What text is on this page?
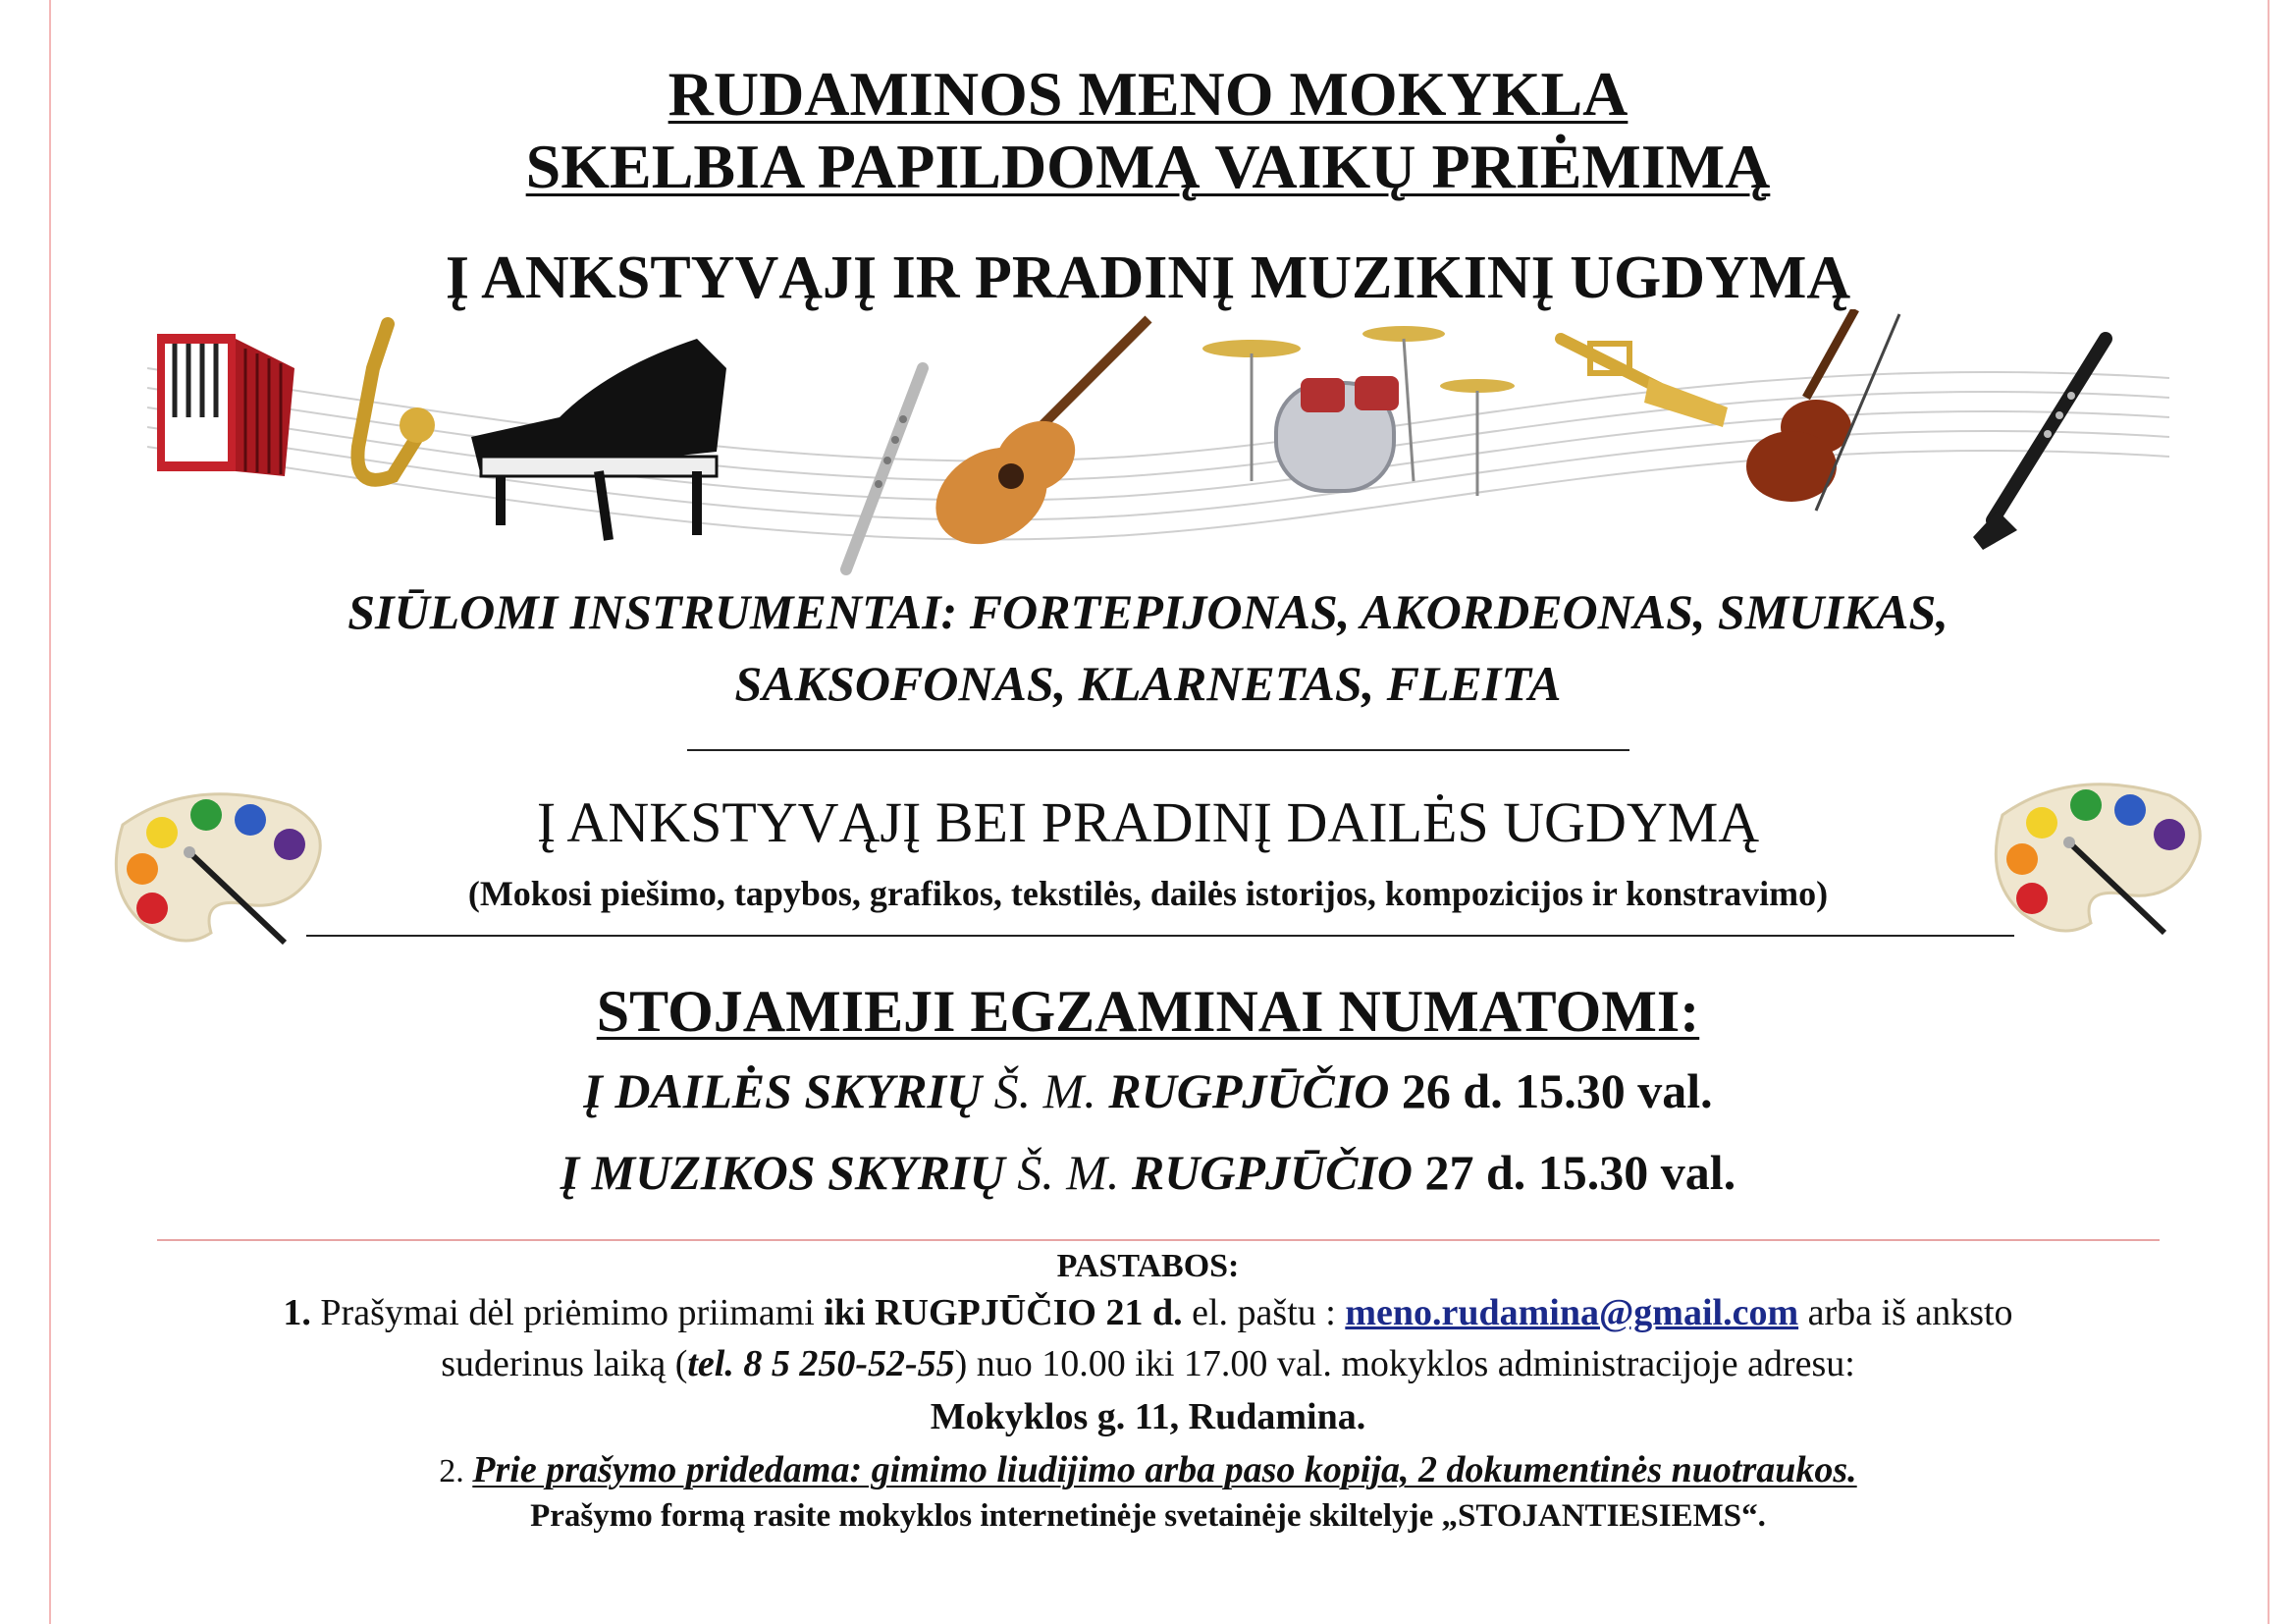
RUDAMINOS MENO MOKYKLA
SKELBIA PAPILDOMĄ VAIKŲ PRIĖMIMĄ
Į ANKSTYVĄJĮ IR PRADINĮ MUZIKINĮ UGDYMĄ
SIŪLOMI INSTRUMENTAI: FORTEPIJONAS, AKORDEONAS, SMUIKAS,
SAKSOFONAS, KLARNETAS, FLEITA
Į ANKSTYVĄJĮ BEI PRADINĮ DAILĖS UGDYMĄ
(Mokosi piešimo, tapybos, grafikos, tekstilės, dailės istorijos, kompozicijos ir konstravimo)
STOJAMIEJI EGZAMINAI NUMATOMI:
Į DAILĖS SKYRIŲ Š. M. RUGPJŪČIO 26 d. 15.30 val.
Į MUZIKOS SKYRIŲ Š. M. RUGPJŪČIO 27 d. 15.30 val.
PASTABOS:
1. Prašymai dėl priėmimo priimami iki RUGPJŪČIO 21 d. el. paštu : meno.rudamina@gmail.com arba iš anksto
suderinus laiką (tel. 8 5 250-52-55) nuo 10.00 iki 17.00 val. mokyklos administracijoje adresu:
Mokyklos g. 11, Rudamina.
2. Prie prašymo pridedama: gimimo liudijimo arba paso kopija, 2 dokumentinės nuotraukos.
Prašymo formą rasite mokyklos internetinėje svetainėje skiltelyje „STOJANTIESIEMS“.
